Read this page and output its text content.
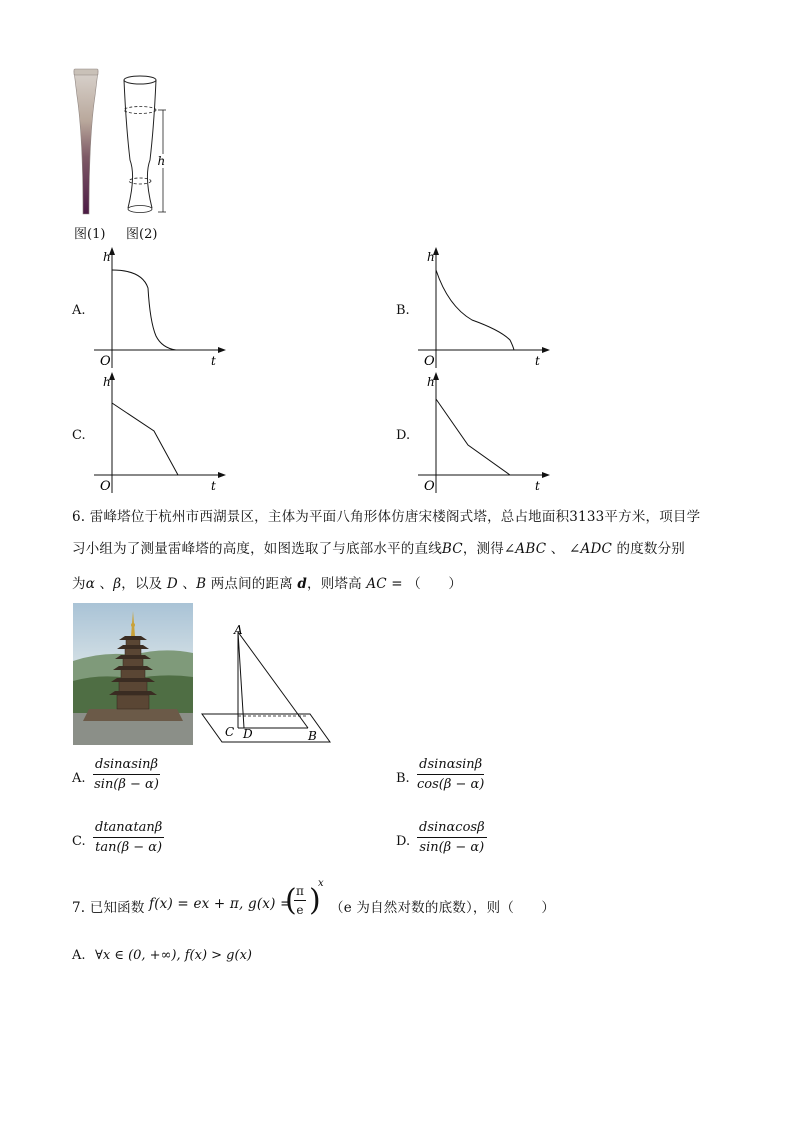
h
图(1) 图(2)
A.
h
O	t
B.
h
O	t
C.
h
O	t
D.
h
O	t
6. 雷峰塔位于杭州市西湖景区，主体为平面八角形体仿唐宋楼阁式塔，总占地面积3133平方米，项目学
习小组为了测量雷峰塔的高度，如图选取了与底部水平的直线BC，测得∠ABC 、 ∠ADC 的度数分别
为α 、β，以及 D 、B 两点间的距离 d，则塔高 AC = （　　）
A
C D	B
A. $\frac{dsin\alpha\sin\beta}{\sin(\beta - \alpha)}$	B. $\frac{dsin\alpha\sin\beta}{\cos(\beta - \alpha)}$
C. $\frac{dtan\alpha\tan\beta}{\tan(\beta - \alpha)}$	D. $\frac{dsin\alpha\cos\beta}{\sin(\beta - \alpha)}$
7. 已知函数 f(x) = ex + π, g(x) =
(
$\frac{\pi}{e}$ )
x
（e 为自然对数的底数），则（　　）
A. ∀x ∈ (0, +∞), f(x) > g(x)
